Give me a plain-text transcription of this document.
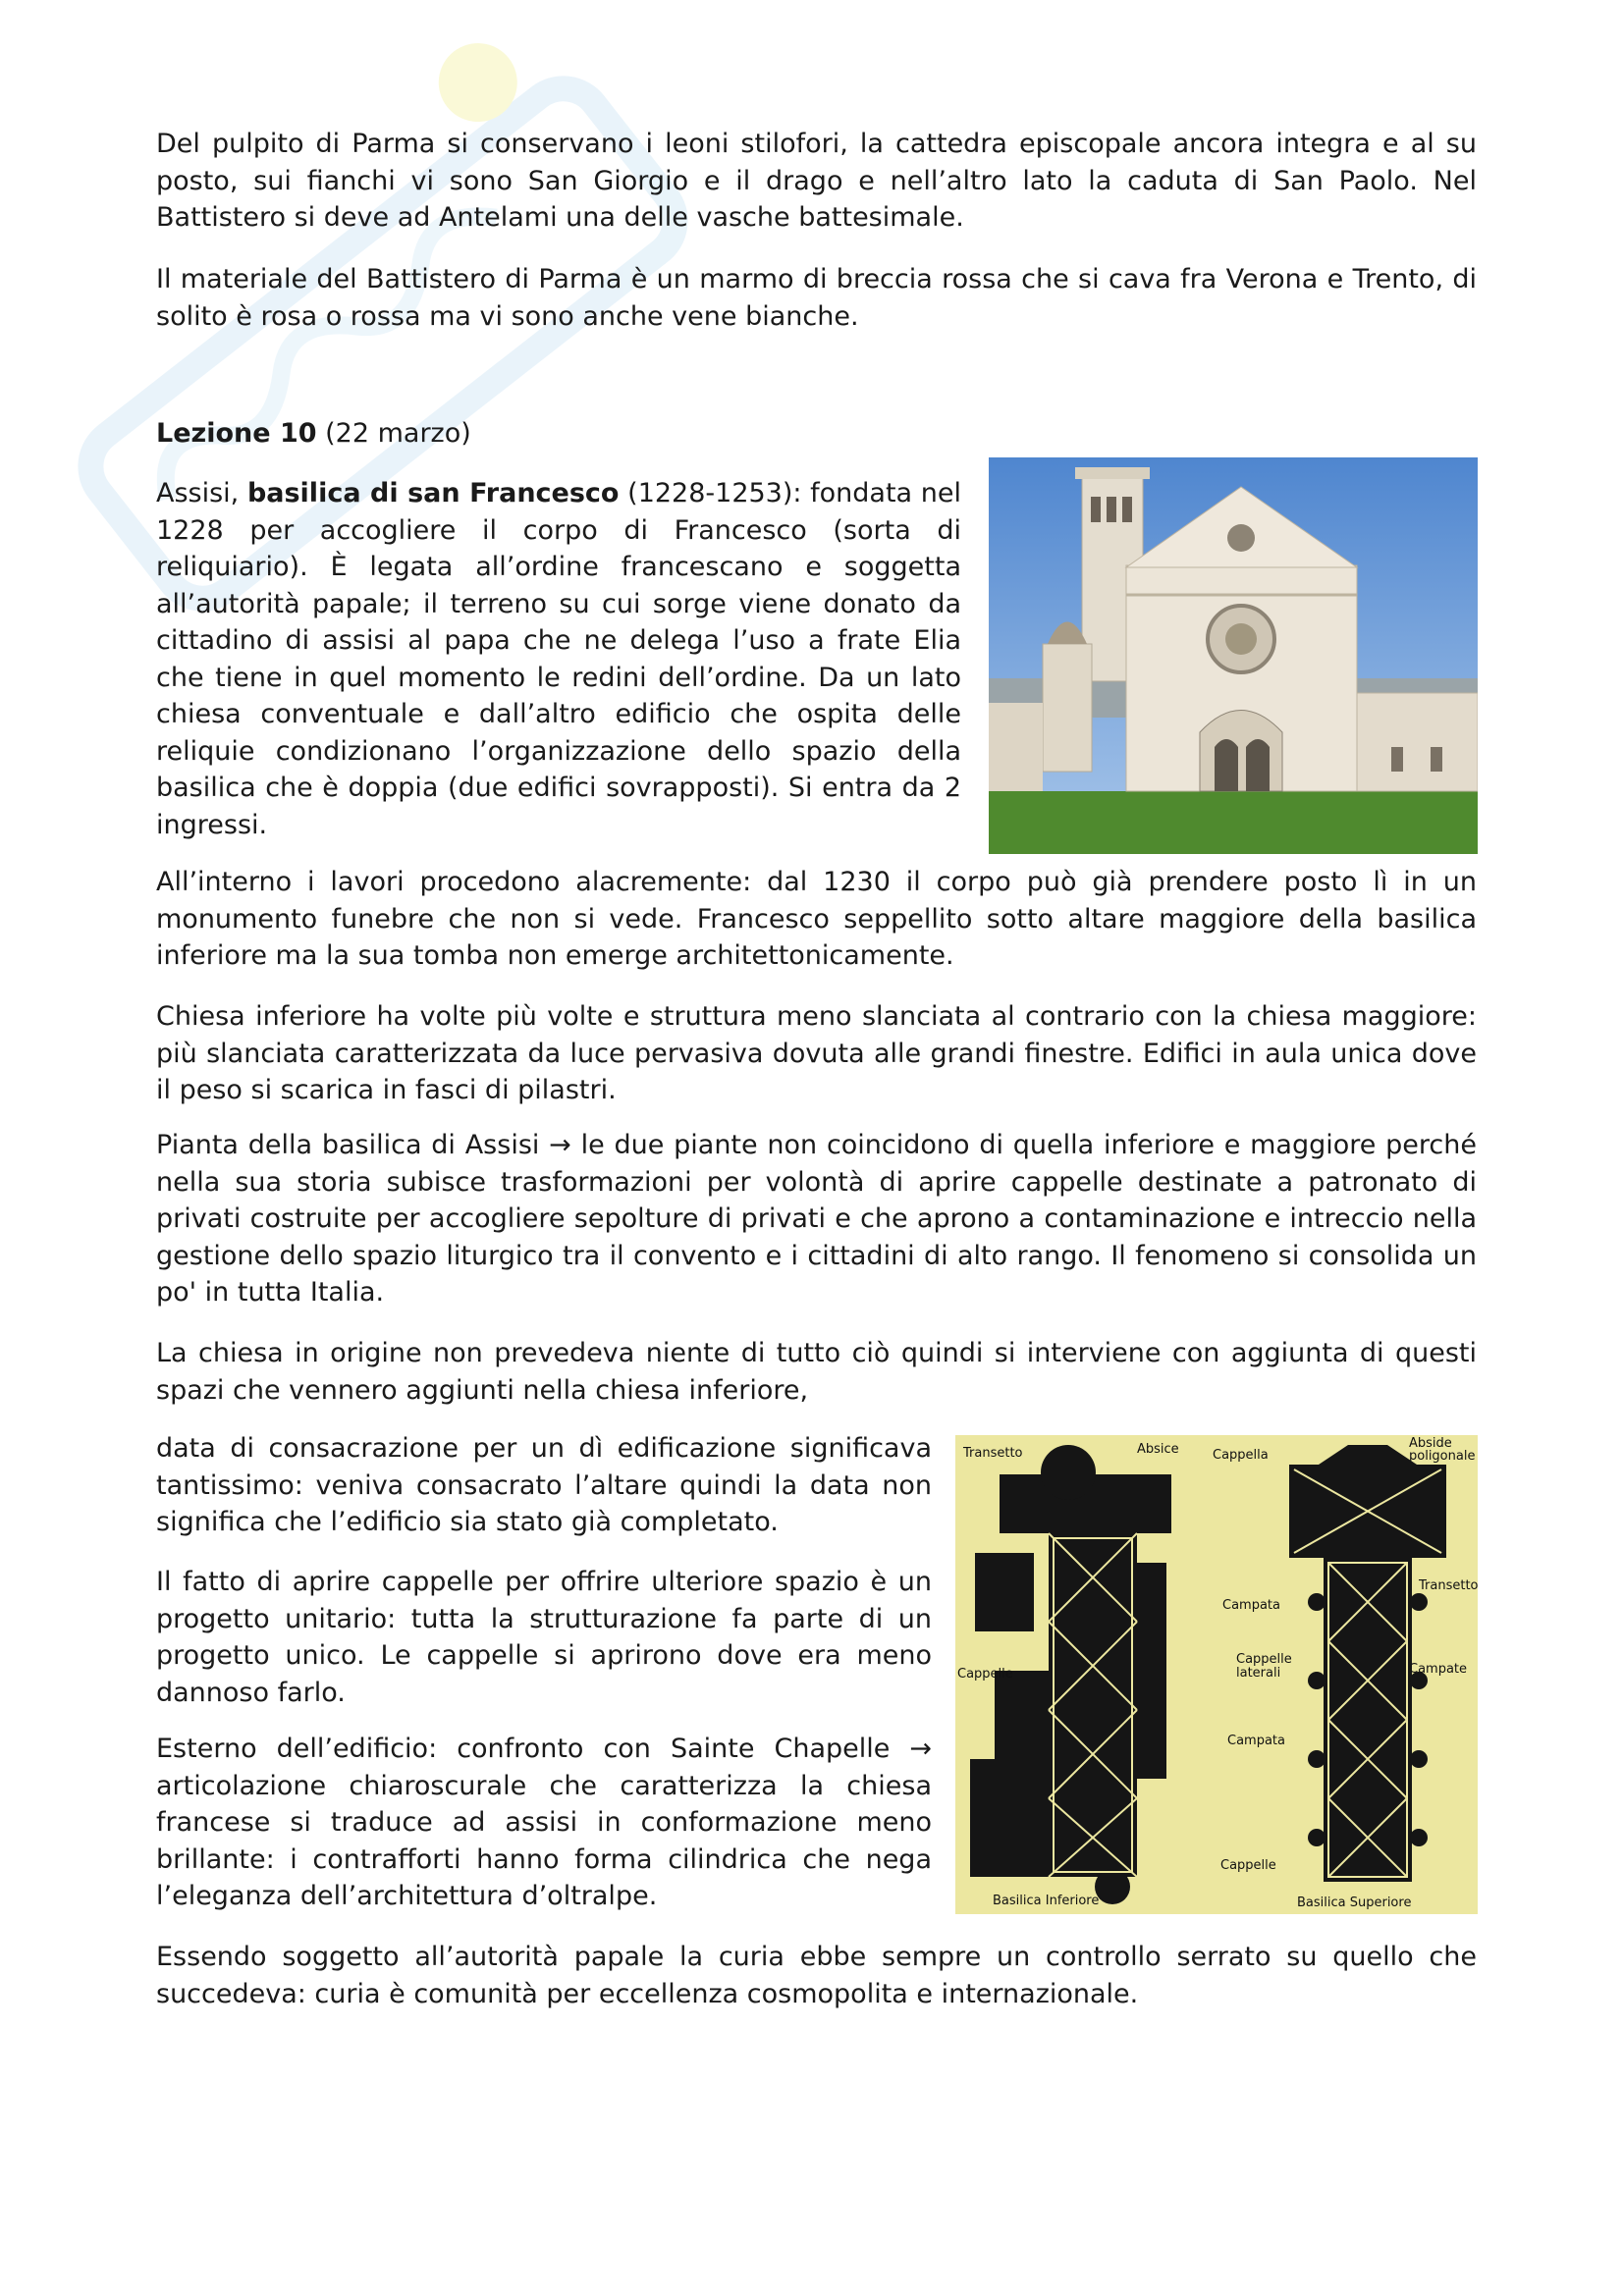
Del pulpito di Parma si conservano i leoni stilofori, la cattedra episcopale ancora integra e al su posto, sui fianchi vi sono San Giorgio e il drago e nell’altro lato la caduta di San Paolo. Nel Battistero si deve ad Antelami una delle vasche battesimale.

Il materiale del Battistero di Parma è un marmo di breccia rossa che si cava fra Verona e Trento, di solito è rosa o rossa ma vi sono anche vene bianche.

Lezione 10 (22 marzo)

Assisi, basilica di san Francesco (1228-1253): fondata nel 1228 per accogliere il corpo di Francesco (sorta di reliquiario). È legata all’ordine francescano e soggetta all’autorità papale; il terreno su cui sorge viene donato da cittadino di assisi al papa che ne delega l’uso a frate Elia che tiene in quel momento le redini dell’ordine. Da un lato chiesa conventuale e dall’altro edificio che ospita delle reliquie condizionano l’organizzazione dello spazio della basilica che è doppia (due edifici sovrapposti). Si entra da 2 ingressi.

All’interno i lavori procedono alacremente: dal 1230 il corpo può già prendere posto lì in un monumento funebre che non si vede. Francesco seppellito sotto altare maggiore della basilica inferiore ma la sua tomba non emerge architettonicamente.

Chiesa inferiore ha volte più volte e struttura meno slanciata al contrario con la chiesa maggiore: più slanciata caratterizzata da luce pervasiva dovuta alle grandi finestre. Edifici in aula unica dove il peso si scarica in fasci di pilastri.

Pianta della basilica di Assisi → le due piante non coincidono di quella inferiore e maggiore perché nella sua storia subisce trasformazioni per volontà di aprire cappelle destinate a patronato di privati costruite per accogliere sepolture di privati e che aprono a contaminazione e intreccio nella gestione dello spazio liturgico tra il convento e i cittadini di alto rango. Il fenomeno si consolida un po' in tutta Italia.

La chiesa in origine non prevedeva niente di tutto ciò quindi si interviene con aggiunta di questi spazi che vennero aggiunti nella chiesa inferiore,

data di consacrazione per un dì edificazione significava tantissimo: veniva consacrato l’altare quindi la data non significa che l’edificio sia stato già completato.

Il fatto di aprire cappelle per offrire ulteriore spazio è un progetto unitario: tutta la strutturazione fa parte di un progetto unico. Le cappelle si aprirono dove era meno dannoso farlo.

Esterno dell’edificio: confronto con Sainte Chapelle → articolazione chiaroscurale che caratterizza la chiesa francese si traduce ad assisi in conformazione meno brillante: i contrafforti hanno forma cilindrica che nega l’eleganza dell’architettura d’oltralpe.

Transetto	Absice	Cappella
Abside
poligonale
Transetto
Campata
Cappelle
laterali	Campate
Cappelle
Campata
Cappelle
Basilica Inferiore	Basilica Superiore

Essendo soggetto all’autorità papale la curia ebbe sempre un controllo serrato su quello che succedeva: curia è comunità per eccellenza cosmopolita e internazionale.
